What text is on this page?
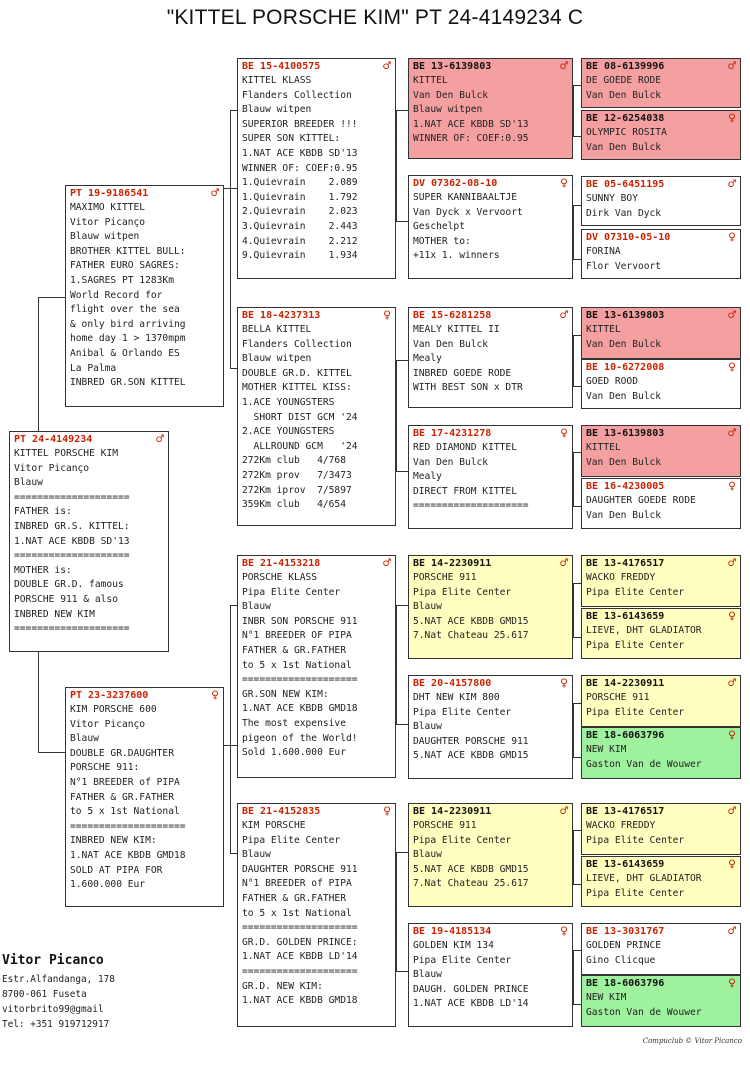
"KITTEL PORSCHE KIM" PT 24-4149234 C
PT 24-4149234	♂
KITTEL PORSCHE KIM
Vitor Picanço
Blauw
====================
FATHER is:
INBRED GR.S. KITTEL:
1.NAT ACE KBDB SD'13
====================
MOTHER is:
DOUBLE GR.D. famous
PORSCHE 911 & also
INBRED NEW KIM
====================
PT 19-9186541	♂
MAXIMO KITTEL
Vitor Picanço
Blauw witpen
BROTHER KITTEL BULL:
FATHER EURO SAGRES:
1.SAGRES PT 1283Km
World Record for
flight over the sea
& only bird arriving
home day 1 > 1370mpm
Anibal & Orlando ES
La Palma
INBRED GR.SON KITTEL
PT 23-3237600	♀
KIM PORSCHE 600
Vitor Picanço
Blauw
DOUBLE GR.DAUGHTER
PORSCHE 911:
N°1 BREEDER of PIPA
FATHER & GR.FATHER
to 5 x 1st National
====================
INBRED NEW KIM:
1.NAT ACE KBDB GMD18
SOLD AT PIPA FOR
1.600.000 Eur
BE 15-4100575	♂
KITTEL KLASS
Flanders Collection
Blauw witpen
SUPERIOR BREEDER !!!
SUPER SON KITTEL:
1.NAT ACE KBDB SD'13
WINNER OF: COEF:0.95
1.Quievrain    2.089
1.Quievrain    1.792
2.Quievrain    2.023
3.Quievrain    2.443
4.Quievrain    2.212
9.Quievrain    1.934
BE 18-4237313	♀
BELLA KITTEL
Flanders Collection
Blauw witpen
DOUBLE GR.D. KITTEL
MOTHER KITTEL KISS:
1.ACE YOUNGSTERS
SHORT DIST GCM '24
2.ACE YOUNGSTERS
ALLROUND GCM   '24
272Km club   4/768
272Km prov   7/3473
272Km iprov  7/5897
359Km club   4/654
BE 21-4153218	♂
PORSCHE KLASS
Pipa Elite Center
Blauw
INBR SON PORSCHE 911
N°1 BREEDER OF PIPA
FATHER & GR.FATHER
to 5 x 1st National
====================
GR.SON NEW KIM:
1.NAT ACE KBDB GMD18
The most expensive
pigeon of the World!
Sold 1.600.000 Eur
BE 21-4152835	♀
KIM PORSCHE
Pipa Elite Center
Blauw
DAUGHTER PORSCHE 911
N°1 BREEDER of PIPA
FATHER & GR.FATHER
to 5 x 1st National
====================
GR.D. GOLDEN PRINCE:
1.NAT ACE KBDB LD'14
====================
GR.D. NEW KIM:
1.NAT ACE KBDB GMD18
BE 13-6139803	♂
KITTEL
Van Den Bulck
Blauw witpen
1.NAT ACE KBDB SD'13
WINNER OF: COEF:0.95
DV 07362-08-10	♀
SUPER KANNIBAALTJE
Van Dyck x Vervoort
Geschelpt
MOTHER to:
+11x 1. winners
BE 15-6281258	♂
MEALY KITTEL II
Van Den Bulck
Mealy
INBRED GOEDE RODE
WITH BEST SON x DTR
BE 17-4231278	♀
RED DIAMOND KITTEL
Van Den Bulck
Mealy
DIRECT FROM KITTEL
====================
BE 14-2230911	♂
PORSCHE 911
Pipa Elite Center
Blauw
5.NAT ACE KBDB GMD15
7.Nat Chateau 25.617
BE 20-4157800	♀
DHT NEW KIM 800
Pipa Elite Center
Blauw
DAUGHTER PORSCHE 911
5.NAT ACE KBDB GMD15
BE 14-2230911	♂
PORSCHE 911
Pipa Elite Center
Blauw
5.NAT ACE KBDB GMD15
7.Nat Chateau 25.617
BE 19-4185134	♀
GOLDEN KIM 134
Pipa Elite Center
Blauw
DAUGH. GOLDEN PRINCE
1.NAT ACE KBDB LD'14
BE 08-6139996	♂
DE GOEDE RODE
Van Den Bulck
BE 12-6254038	♀
OLYMPIC ROSITA
Van Den Bulck
BE 05-6451195	♂
SUNNY BOY
Dirk Van Dyck
DV 07310-05-10	♀
FORINA
Flor Vervoort
BE 13-6139803	♂
KITTEL
Van Den Bulck
BE 10-6272008	♀
GOED ROOD
Van Den Bulck
BE 13-6139803	♂
KITTEL
Van Den Bulck
BE 16-4230005	♀
DAUGHTER GOEDE RODE
Van Den Bulck
BE 13-4176517	♂
WACKO FREDDY
Pipa Elite Center
BE 13-6143659	♀
LIEVE, DHT GLADIATOR
Pipa Elite Center
BE 14-2230911	♂
PORSCHE 911
Pipa Elite Center
BE 18-6063796	♀
NEW KIM
Gaston Van de Wouwer
BE 13-4176517	♂
WACKO FREDDY
Pipa Elite Center
BE 13-6143659	♀
LIEVE, DHT GLADIATOR
Pipa Elite Center
BE 13-3031767	♂
GOLDEN PRINCE
Gino Clicque
BE 18-6063796	♀
NEW KIM
Gaston Van de Wouwer
Vitor Picanco
Estr.Alfandanga, 178
8700-061 Fuseta
vitorbrito99@gmail
Tel: +351 919712917
Compuclub © Vitor Picanco
